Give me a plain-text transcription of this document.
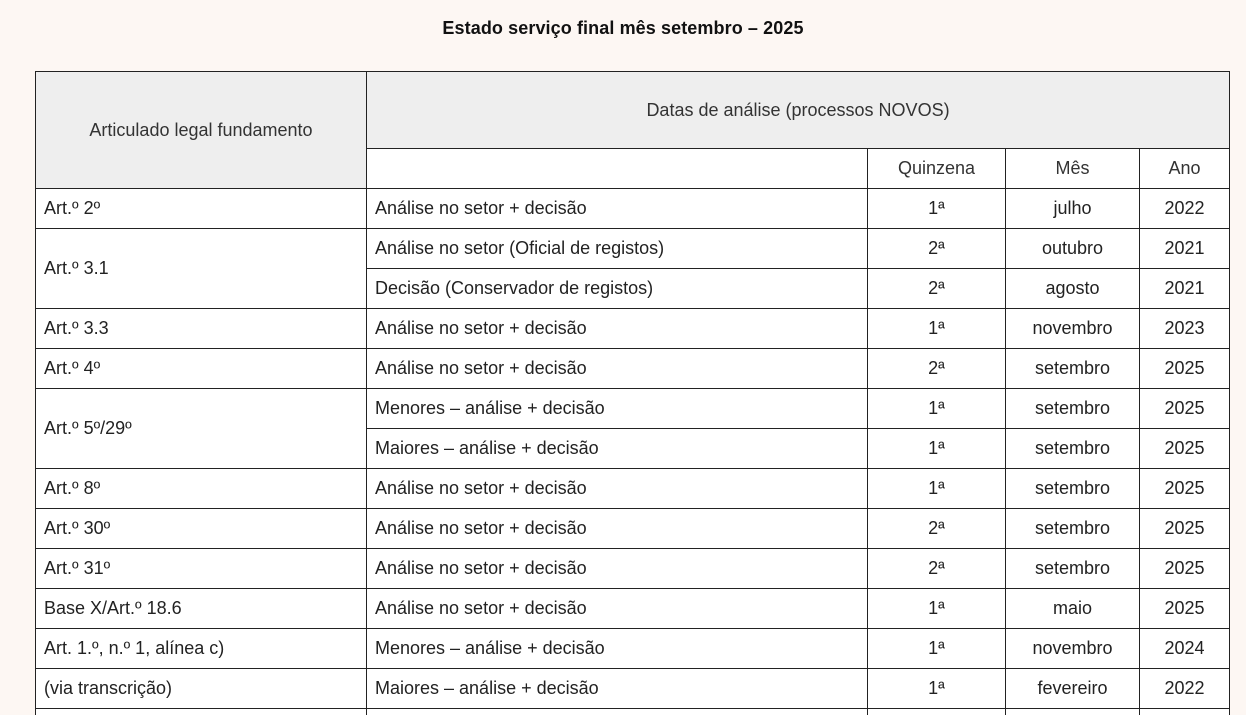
Estado serviço final mês setembro – 2025
Articulado legal fundamento	Datas de análise (processos NOVOS)			
		Quinzena	Mês	Ano
Art.º 2º	Análise no setor + decisão	1ª	julho	2022
Art.º 3.1	Análise no setor (Oficial de registos)	2ª	outubro	2021
	Decisão (Conservador de registos)	2ª	agosto	2021
Art.º 3.3	Análise no setor + decisão	1ª	novembro	2023
Art.º 4º	Análise no setor + decisão	2ª	setembro	2025
Art.º 5º/29º	Menores – análise + decisão	1ª	setembro	2025
	Maiores – análise + decisão	1ª	setembro	2025
Art.º 8º	Análise no setor + decisão	1ª	setembro	2025
Art.º 30º	Análise no setor + decisão	2ª	setembro	2025
Art.º 31º	Análise no setor + decisão	2ª	setembro	2025
Base X/Art.º 18.6	Análise no setor + decisão	1ª	maio	2025
Art. 1.º, n.º 1, alínea c)	Menores – análise + decisão	1ª	novembro	2024
(via transcrição)	Maiores – análise + decisão	1ª	fevereiro	2022
